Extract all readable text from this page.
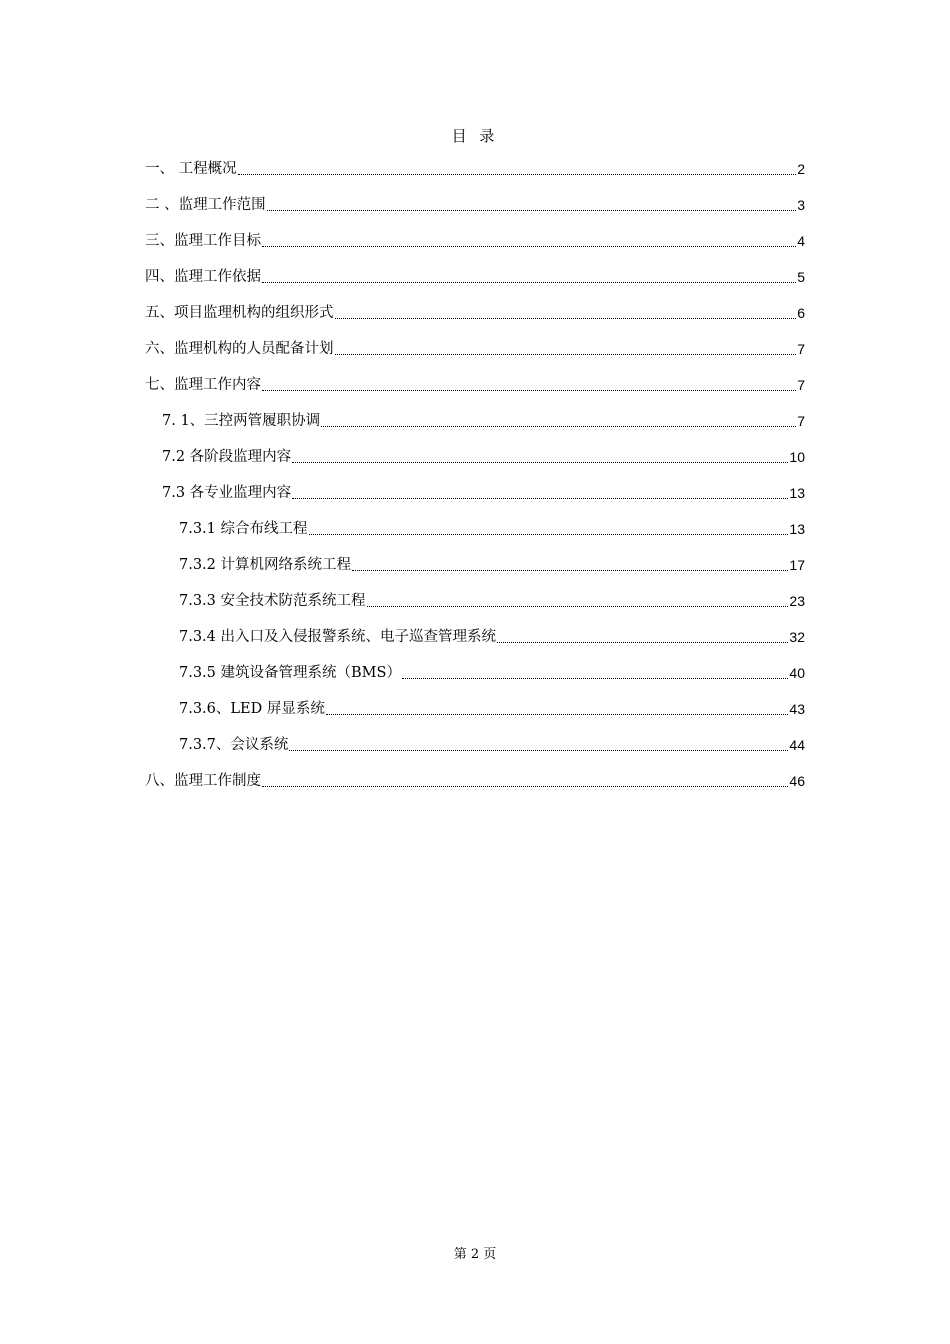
目 录
一、 工程概况	2
二 、监理工作范围	3
三、监理工作目标	4
四、监理工作依据	5
五、项目监理机构的组织形式	6
六、监理机构的人员配备计划	7
七、监理工作内容	7
7. 1、三控两管履职协调	7
7.2 各阶段监理内容	10
7.3 各专业监理内容	13
7.3.1 综合布线工程	13
7.3.2 计算机网络系统工程	17
7.3.3 安全技术防范系统工程	23
7.3.4 出入口及入侵报警系统、电子巡查管理系统	32
7.3.5 建筑设备管理系统（BMS）	40
7.3.6、LED 屏显系统	43
7.3.7、会议系统	44
八、监理工作制度	46
第 2 页
